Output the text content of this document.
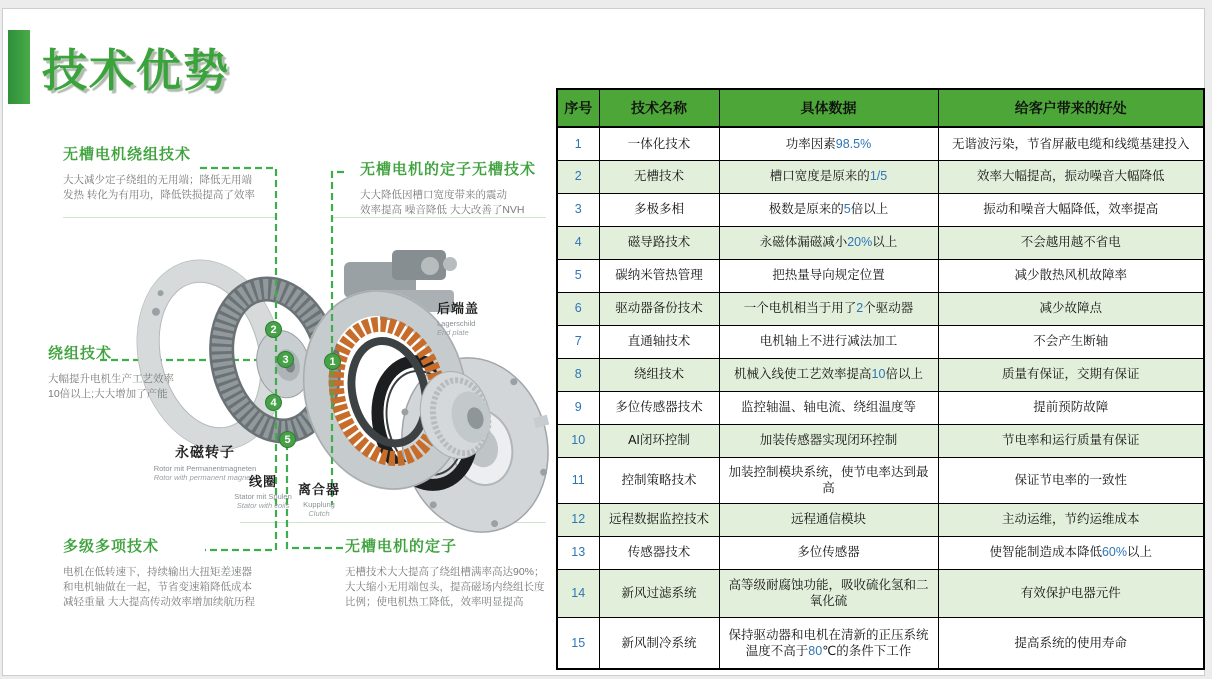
技术优势
1
2
3
4
5
无槽电机绕组技术
大大减少定子绕组的无用端；降低无用端
发热 转化为有用功，降低铁损提高了效率
无槽电机的定子无槽技术
大大降低因槽口宽度带来的震动
效率提高 噪音降低 大大改善了NVH
绕组技术
大幅提升电机生产工艺效率
10倍以上;大大增加了产能
多级多项技术
电机在低转速下，持续输出大扭矩差速器
和电机轴做在一起，节省变速箱降低成本
减轻重量 大大提高传动效率增加续航历程
无槽电机的定子
无槽技术大大提高了绕组槽满率高达90%；
大大缩小无用端包头，提高磁场内绕组长度
比例；使电机热工降低，效率明显提高
后端盖
Lagerschild
End plate
永磁转子
Rotor mit Permanentmagneten
Rotor with permanent magnets
线圈
Stator mit Spulen
Stator with coils
离合器
Kupplung
Clutch
序号	技术名称	具体数据	给客户带来的好处
1	一体化技术	功率因素98.5%	无谐波污染，节省屏蔽电缆和线缆基建投入
2	无槽技术	槽口宽度是原来的1/5	效率大幅提高，振动噪音大幅降低
3	多极多相	极数是原来的5倍以上	振动和噪音大幅降低，效率提高
4	磁导路技术	永磁体漏磁减小20%以上	不会越用越不省电
5	碳纳米管热管理	把热量导向规定位置	减少散热风机故障率
6	驱动器备份技术	一个电机相当于用了2个驱动器	减少故障点
7	直通轴技术	电机轴上不进行减法加工	不会产生断轴
8	绕组技术	机械入线使工艺效率提高10倍以上	质量有保证，交期有保证
9	多位传感器技术	监控轴温、轴电流、绕组温度等	提前预防故障
10	AI闭环控制	加装传感器实现闭环控制	节电率和运行质量有保证
11	控制策略技术	加装控制模块系统，使节电率达到最高	保证节电率的一致性
12	远程数据监控技术	远程通信模块	主动运维，节约运维成本
13	传感器技术	多位传感器	使智能制造成本降低60%以上
14	新风过滤系统	高等级耐腐蚀功能，吸收硫化氢和二氧化硫	有效保护电器元件
15	新风制冷系统	保持驱动器和电机在清新的正压系统温度不高于80℃的条件下工作	提高系统的使用寿命
